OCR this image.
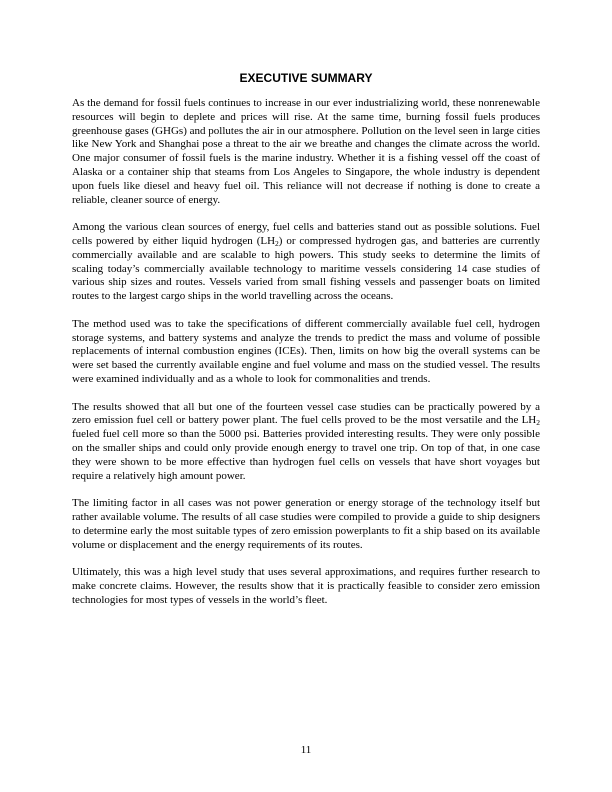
EXECUTIVE SUMMARY

As the demand for fossil fuels continues to increase in our ever industrializing world, these nonrenewable resources will begin to deplete and prices will rise. At the same time, burning fossil fuels produces greenhouse gases (GHGs) and pollutes the air in our atmosphere. Pollution on the level seen in large cities like New York and Shanghai pose a threat to the air we breathe and changes the climate across the world. One major consumer of fossil fuels is the marine industry. Whether it is a fishing vessel off the coast of Alaska or a container ship that steams from Los Angeles to Singapore, the whole industry is dependent upon fuels like diesel and heavy fuel oil. This reliance will not decrease if nothing is done to create a reliable, cleaner source of energy.

Among the various clean sources of energy, fuel cells and batteries stand out as possible solutions. Fuel cells powered by either liquid hydrogen $(LH_2)$ or compressed hydrogen gas, and batteries are currently commercially available and are scalable to high powers. This study seeks to determine the limits of scaling today’s commercially available technology to maritime vessels considering 14 case studies of various ship sizes and routes. Vessels varied from small fishing vessels and passenger boats on limited routes to the largest cargo ships in the world travelling across the oceans.

The method used was to take the specifications of different commercially available fuel cell, hydrogen storage systems, and battery systems and analyze the trends to predict the mass and volume of possible replacements of internal combustion engines (ICEs). Then, limits on how big the overall systems can be were set based the currently available engine and fuel volume and mass on the studied vessel. The results were examined individually and as a whole to look for commonalities and trends.

The results showed that all but one of the fourteen vessel case studies can be practically powered by a zero emission fuel cell or battery power plant. The fuel cells proved to be the most versatile and the $LH_2$ fueled fuel cell more so than the 5000 psi. Batteries provided interesting results. They were only possible on the smaller ships and could only provide enough energy to travel one trip. On top of that, in one case they were shown to be more effective than hydrogen fuel cells on vessels that have short voyages but require a relatively high amount power.

The limiting factor in all cases was not power generation or energy storage of the technology itself but rather available volume. The results of all case studies were compiled to provide a guide to ship designers to determine early the most suitable types of zero emission powerplants to fit a ship based on its available volume or displacement and the energy requirements of its routes.

Ultimately, this was a high level study that uses several approximations, and requires further research to make concrete claims. However, the results show that it is practically feasible to consider zero emission technologies for most types of vessels in the world’s fleet.

11
